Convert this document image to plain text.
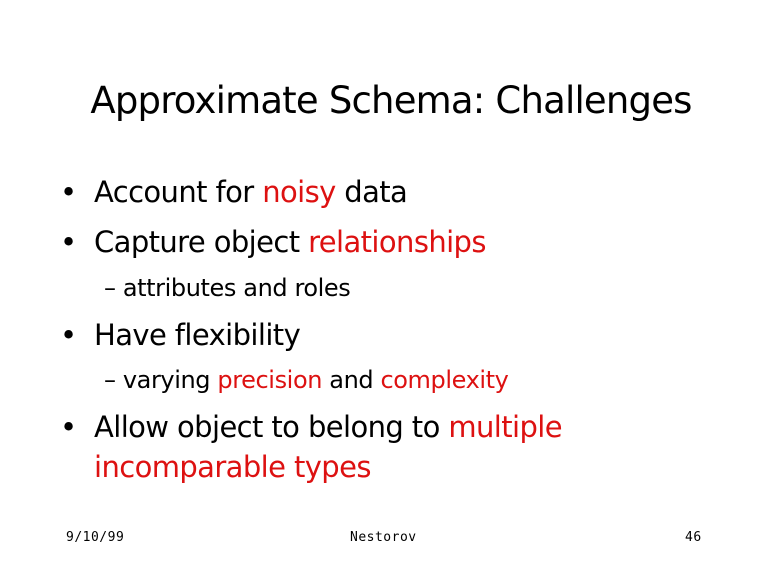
Approximate Schema: Challenges
• Account for noisy data
• Capture object relationships
– attributes and roles
• Have flexibility
– varying precision and complexity
• Allow object to belong to multiple
incomparable types
9/10/99	Nestorov	46
